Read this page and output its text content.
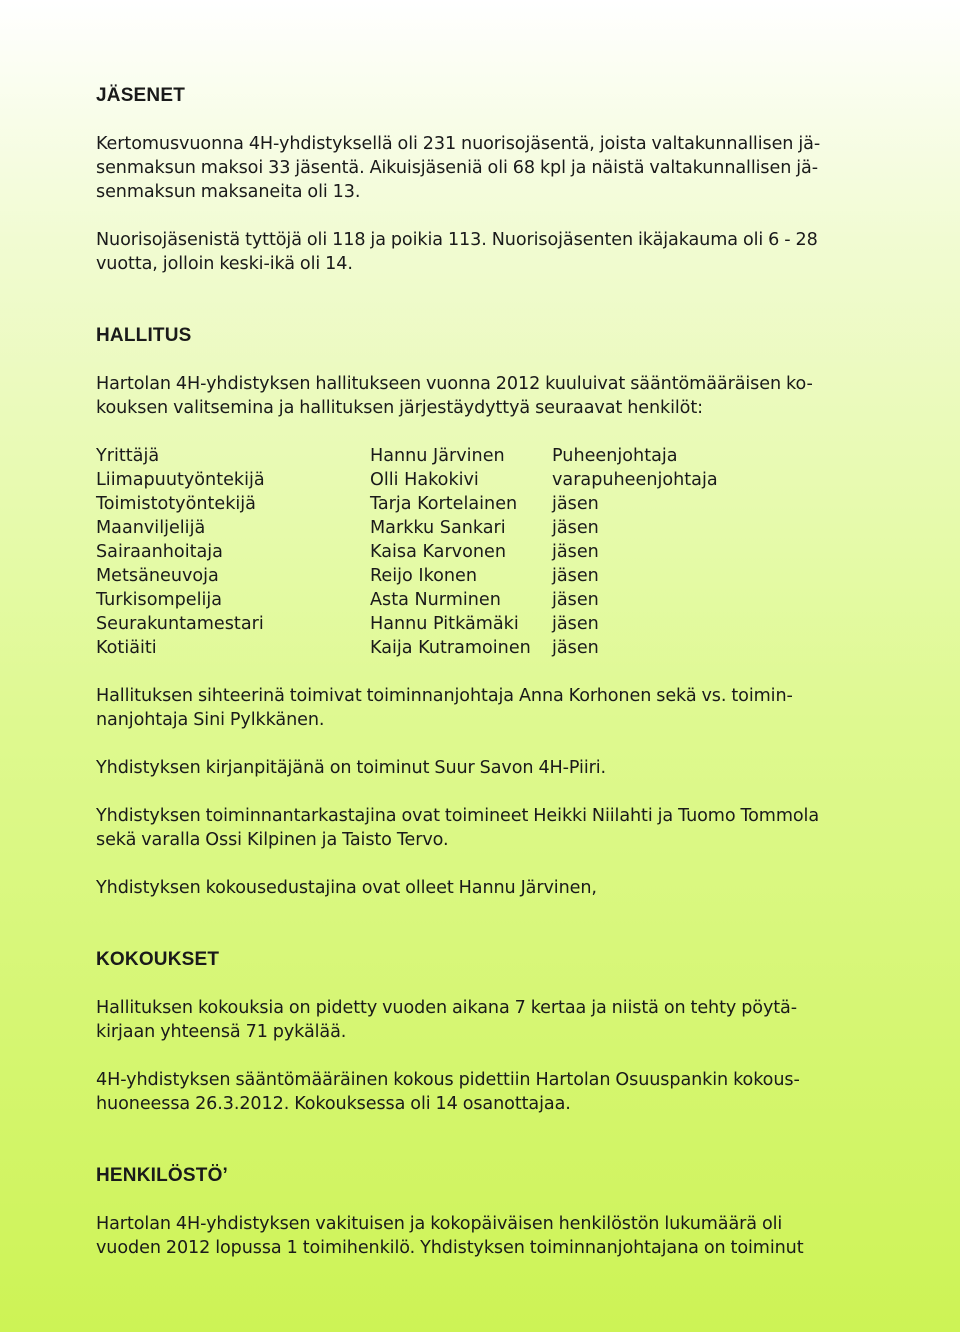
JÄSENET
Kertomusvuonna 4H-yhdistyksellä oli 231 nuorisojäsentä, joista valtakunnallisen jä-
senmaksun maksoi 33 jäsentä. Aikuisjäseniä oli 68 kpl ja näistä valtakunnallisen jä-
senmaksun maksaneita oli 13.
Nuorisojäsenistä tyttöjä oli 118 ja poikia 113. Nuorisojäsenten ikäjakauma oli 6 - 28
vuotta, jolloin keski-ikä oli 14.
HALLITUS
Hartolan 4H-yhdistyksen hallitukseen vuonna 2012 kuuluivat sääntömääräisen ko-
kouksen valitsemina ja hallituksen järjestäydyttyä seuraavat henkilöt:
Yrittäjä	Hannu Järvinen	Puheenjohtaja
Liimapuutyöntekijä	Olli Hakokivi	varapuheenjohtaja
Toimistotyöntekijä	Tarja Kortelainen	jäsen
Maanviljelijä	Markku Sankari	jäsen
Sairaanhoitaja	Kaisa Karvonen	jäsen
Metsäneuvoja	Reijo Ikonen	jäsen
Turkisompelija	Asta Nurminen	jäsen
Seurakuntamestari	Hannu Pitkämäki	jäsen
Kotiäiti	Kaija Kutramoinen	jäsen
Hallituksen sihteerinä toimivat toiminnanjohtaja Anna Korhonen sekä vs. toimin-
nanjohtaja Sini Pylkkänen.
Yhdistyksen kirjanpitäjänä on toiminut Suur Savon 4H-Piiri.
Yhdistyksen toiminnantarkastajina ovat toimineet Heikki Niilahti ja Tuomo Tommola
sekä varalla Ossi Kilpinen ja Taisto Tervo.
Yhdistyksen kokousedustajina ovat olleet Hannu Järvinen,
KOKOUKSET
Hallituksen kokouksia on pidetty vuoden aikana 7 kertaa ja niistä on tehty pöytä-
kirjaan yhteensä 71 pykälää.
4H-yhdistyksen sääntömääräinen kokous pidettiin Hartolan Osuuspankin kokous-
huoneessa 26.3.2012. Kokouksessa oli 14 osanottajaa.
HENKILÖSTÖ’
Hartolan 4H-yhdistyksen vakituisen ja kokopäiväisen henkilöstön lukumäärä oli
vuoden 2012 lopussa 1 toimihenkilö. Yhdistyksen toiminnanjohtajana on toiminut
